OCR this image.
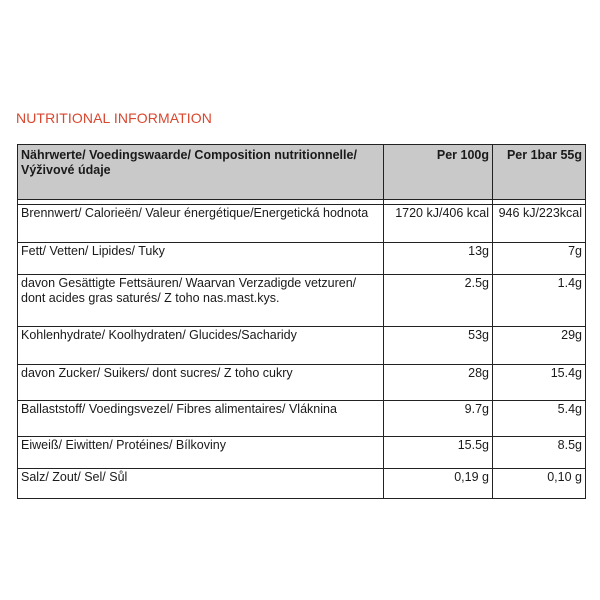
NUTRITIONAL INFORMATION
Nährwerte/ Voedingswaarde/ Composition nutritionnelle/ Výživové údaje	Per 100g	Per 1bar 55g

Brennwert/ Calorieën/ Valeur énergétique/Energetická hodnota	1720 kJ/406 kcal	946 kJ/223kcal
Fett/ Vetten/ Lipides/ Tuky	13g	7g
davon Gesättigte Fettsäuren/ Waarvan Verzadigde vetzuren/ dont acides gras saturés/ Z toho nas.mast.kys.	2.5g	1.4g
Kohlenhydrate/ Koolhydraten/ Glucides/Sacharidy	53g	29g
davon Zucker/ Suikers/ dont sucres/ Z toho cukry	28g	15.4g
Ballaststoff/ Voedingsvezel/ Fibres alimentaires/ Vláknina	9.7g	5.4g
Eiweiß/ Eiwitten/ Protéines/ Bílkoviny	15.5g	8.5g
Salz/ Zout/ Sel/ Sůl	0,19 g	0,10 g
